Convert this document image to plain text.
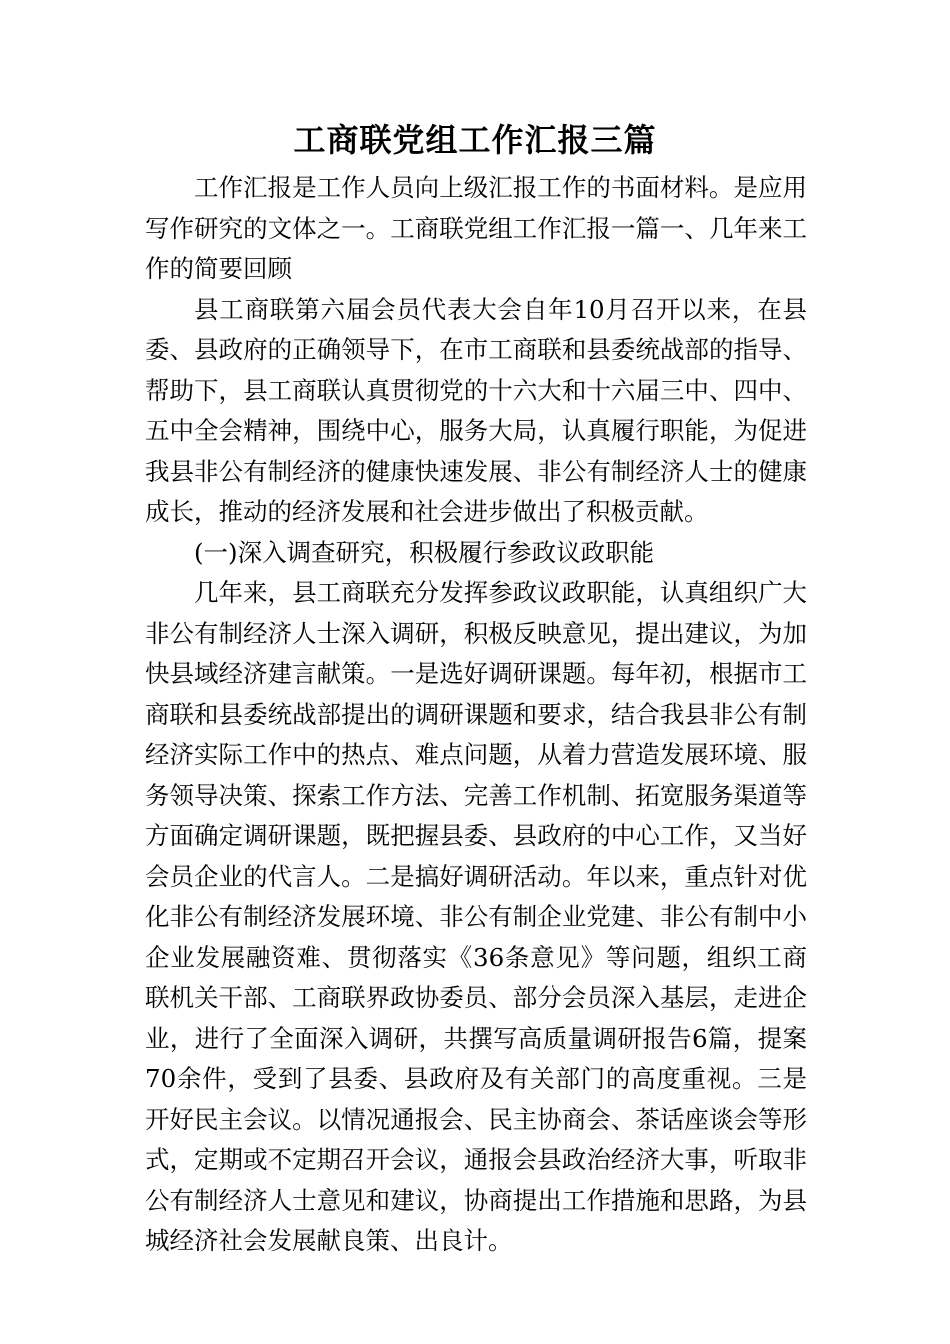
工商联党组工作汇报三篇

工作汇报是工作人员向上级汇报工作的书面材料。是应用写作研究的文体之一。工商联党组工作汇报一篇一、几年来工作的简要回顾

县工商联第六届会员代表大会自年10月召开以来，在县委、县政府的正确领导下，在市工商联和县委统战部的指导、帮助下，县工商联认真贯彻党的十六大和十六届三中、四中、五中全会精神，围绕中心，服务大局，认真履行职能，为促进我县非公有制经济的健康快速发展、非公有制经济人士的健康成长，推动的经济发展和社会进步做出了积极贡献。

(一)深入调查研究，积极履行参政议政职能

几年来，县工商联充分发挥参政议政职能，认真组织广大非公有制经济人士深入调研，积极反映意见，提出建议，为加快县域经济建言献策。一是选好调研课题。每年初，根据市工商联和县委统战部提出的调研课题和要求，结合我县非公有制经济实际工作中的热点、难点问题，从着力营造发展环境、服务领导决策、探索工作方法、完善工作机制、拓宽服务渠道等方面确定调研课题，既把握县委、县政府的中心工作，又当好会员企业的代言人。二是搞好调研活动。年以来，重点针对优化非公有制经济发展环境、非公有制企业党建、非公有制中小企业发展融资难、贯彻落实《36条意见》等问题，组织工商联机关干部、工商联界政协委员、部分会员深入基层，走进企业，进行了全面深入调研，共撰写高质量调研报告6篇，提案70余件，受到了县委、县政府及有关部门的高度重视。三是开好民主会议。以情况通报会、民主协商会、茶话座谈会等形式，定期或不定期召开会议，通报会县政治经济大事，听取非公有制经济人士意见和建议，协商提出工作措施和思路，为县城经济社会发展献良策、出良计。
